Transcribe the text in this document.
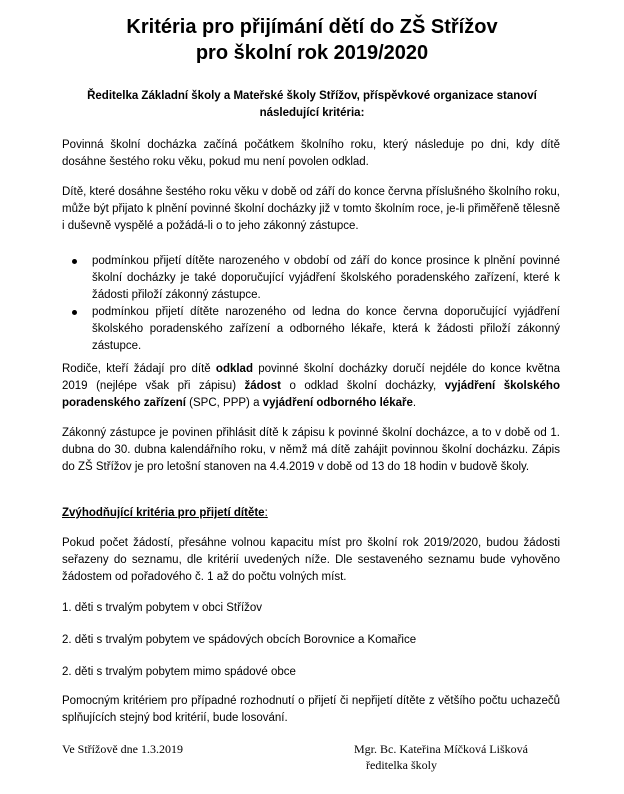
Kritéria pro přijímání dětí do ZŠ Střížov
pro školní rok 2019/2020

Ředitelka Základní školy a Mateřské školy Střížov, příspěvkové organizace stanoví následující kritéria:

Povinná školní docházka začíná počátkem školního roku, který následuje po dni, kdy dítě dosáhne šestého roku věku, pokud mu není povolen odklad.

Dítě, které dosáhne šestého roku věku v době od září do konce června příslušného školního roku, může být přijato k plnění povinné školní docházky již v tomto školním roce, je-li přiměřeně tělesně i duševně vyspělé a požádá-li o to jeho zákonný zástupce.

podmínkou přijetí dítěte narozeného v období od září do konce prosince k plnění povinné školní docházky je také doporučující vyjádření školského poradenského zařízení, které k žádosti přiloží zákonný zástupce.
podmínkou přijetí dítěte narozeného od ledna do konce června doporučující vyjádření školského poradenského zařízení a odborného lékaře, která k žádosti přiloží zákonný zástupce.

Rodiče, kteří žádají pro dítě odklad povinné školní docházky doručí nejdéle do konce května 2019 (nejlépe však při zápisu) žádost o odklad školní docházky, vyjádření školského poradenského zařízení (SPC, PPP) a vyjádření odborného lékaře.

Zákonný zástupce je povinen přihlásit dítě k zápisu k povinné školní docházce, a to v době od 1. dubna do 30. dubna kalendářního roku, v němž má dítě zahájit povinnou školní docházku. Zápis do ZŠ Střížov je pro letošní stanoven na 4.4.2019 v době od 13 do 18 hodin v budově školy.

Zvýhodňující kritéria pro přijetí dítěte:

Pokud počet žádostí, přesáhne volnou kapacitu míst pro školní rok 2019/2020, budou žádosti seřazeny do seznamu, dle kritérií uvedených níže. Dle sestaveného seznamu bude vyhověno žádostem od pořadového č. 1 až do počtu volných míst.

1. děti s trvalým pobytem v obci Střížov

2. děti s trvalým pobytem ve spádových obcích Borovnice a Komařice

2. děti s trvalým pobytem mimo spádové obce

Pomocným kritériem pro případné rozhodnutí o přijetí či nepřijetí dítěte z většího počtu uchazečů splňujících stejný bod kritérií, bude losování.

Ve Střížově dne 1.3.2019	Mgr. Bc. Kateřina Míčková Lišková
ředitelka školy
